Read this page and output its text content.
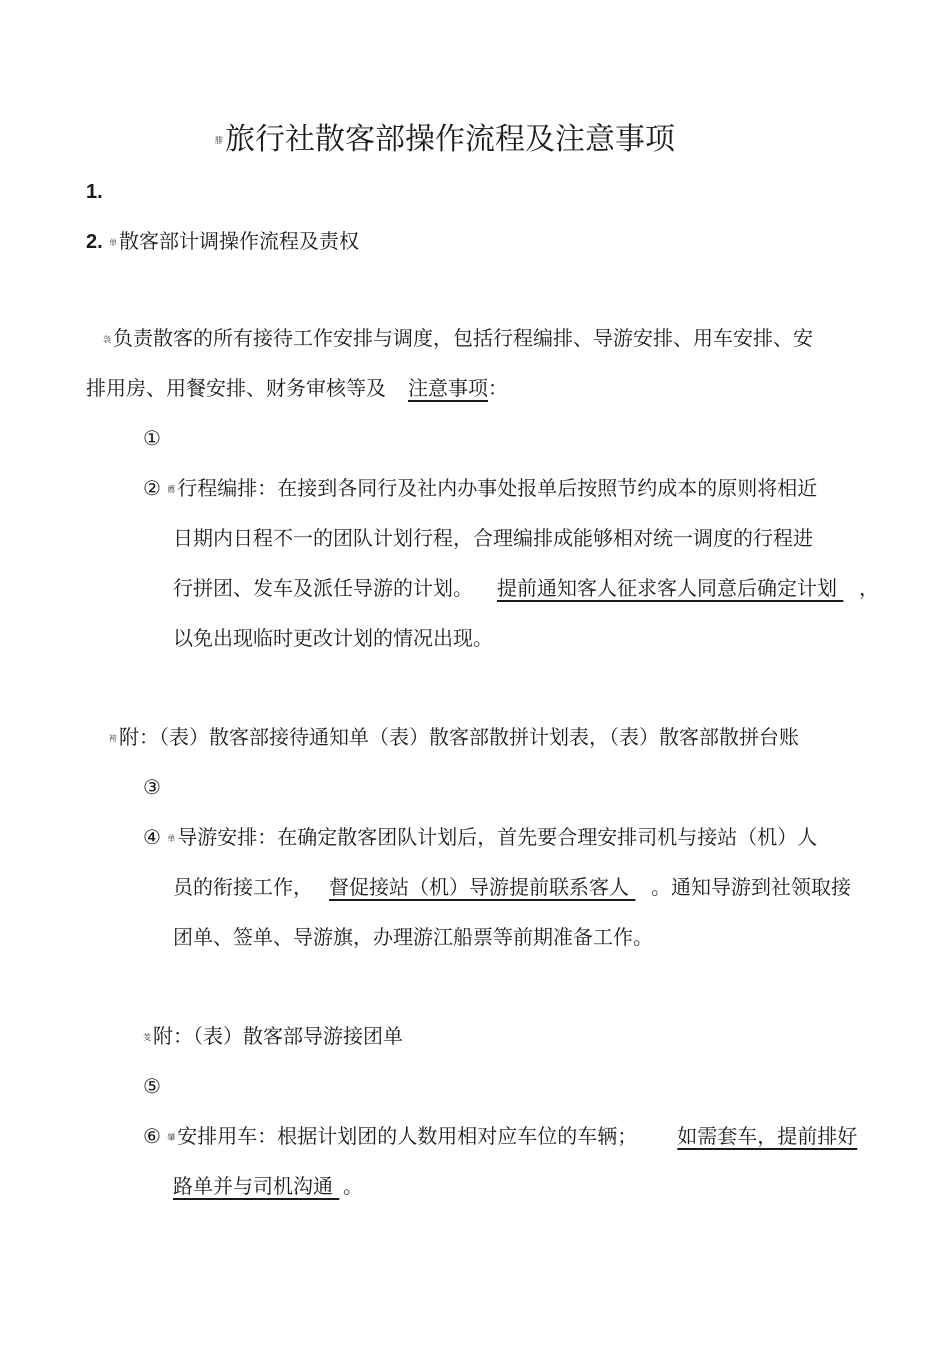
腓旅行社散客部操作流程及注意事项
1.
2. 单 散客部计调操作流程及责权
袅 负责散客的所有接待工作安排与调度，包括行程编排、导游安排、用车安排、安
排用房、用餐安排、财务审核等及 注意事项：
①
② 薦 行程编排：在接到各同行及社内办事处报单后按照节约成本的原则将相近
日期内日程不一的团队计划行程，合理编排成能够相对统一调度的行程进
行拼团、发车及派任导游的计划。 提前通知客人征求客人同意后确定计划 ，
以免出现临时更改计划的情况出现。
袴 附：（表）散客部接待通知单（表）散客部散拼计划表，（表）散客部散拼台账
③
④ 单 导游安排：在确定散客团队计划后，首先要合理安排司机与接站（机）人
员的衔接工作， 督促接站（机）导游提前联系客人 。通知导游到社领取接
团单、签单、导游旗，办理游江船票等前期准备工作。
芰 附：（表）散客部导游接团单
⑤
⑥ 肇 安排用车：根据计划团的人数用相对应车位的车辆； 如需套车，提前排好
路单并与司机沟通 。
